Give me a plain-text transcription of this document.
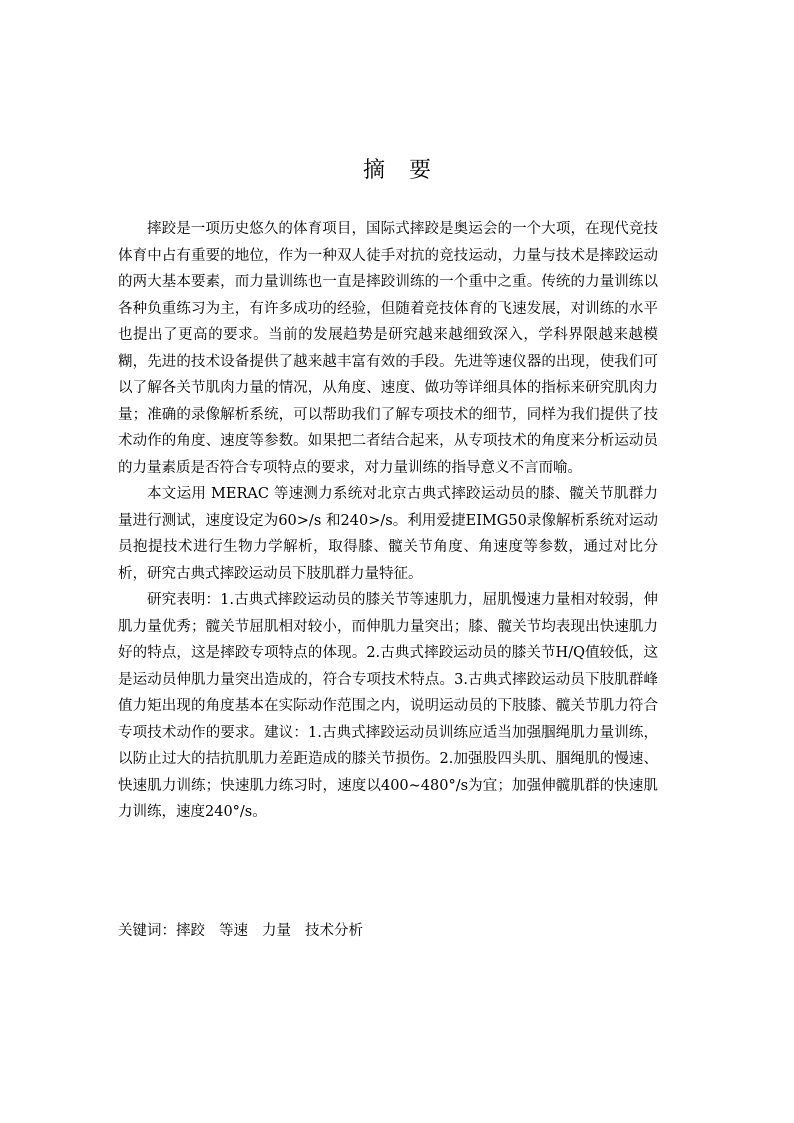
摘 要

摔跤是一项历史悠久的体育项目，国际式摔跤是奥运会的一个大项，在现代竞技体育中占有重要的地位，作为一种双人徒手对抗的竞技运动，力量与技术是摔跤运动的两大基本要素，而力量训练也一直是摔跤训练的一个重中之重。传统的力量训练以各种负重练习为主，有许多成功的经验，但随着竞技体育的飞速发展，对训练的水平也提出了更高的要求。当前的发展趋势是研究越来越细致深入，学科界限越来越模糊，先进的技术设备提供了越来越丰富有效的手段。先进等速仪器的出现，使我们可以了解各关节肌肉力量的情况，从角度、速度、做功等详细具体的指标来研究肌肉力量；准确的录像解析系统，可以帮助我们了解专项技术的细节，同样为我们提供了技术动作的角度、速度等参数。如果把二者结合起来，从专项技术的角度来分析运动员的力量素质是否符合专项特点的要求，对力量训练的指导意义不言而喻。

本文运用 MERAC 等速测力系统对北京古典式摔跤运动员的膝、髋关节肌群力量进行测试，速度设定为60>/s 和240>/s。利用爱捷EIMG50录像解析系统对运动员抱提技术进行生物力学解析，取得膝、髋关节角度、角速度等参数，通过对比分析，研究古典式摔跤运动员下肢肌群力量特征。

研究表明：1.古典式摔跤运动员的膝关节等速肌力，屈肌慢速力量相对较弱，伸肌力量优秀；髋关节屈肌相对较小，而伸肌力量突出；膝、髋关节均表现出快速肌力好的特点，这是摔跤专项特点的体现。2.古典式摔跤运动员的膝关节H/Q值较低，这是运动员伸肌力量突出造成的，符合专项技术特点。3.古典式摔跤运动员下肢肌群峰值力矩出现的角度基本在实际动作范围之内，说明运动员的下肢膝、髋关节肌力符合专项技术动作的要求。建议：1.古典式摔跤运动员训练应适当加强腘绳肌力量训练，以防止过大的拮抗肌肌力差距造成的膝关节损伤。2.加强股四头肌、腘绳肌的慢速、快速肌力训练；快速肌力练习时，速度以400~480°/s为宜；加强伸髋肌群的快速肌力训练，速度240°/s。

关键词：摔跤 等速 力量 技术分析
